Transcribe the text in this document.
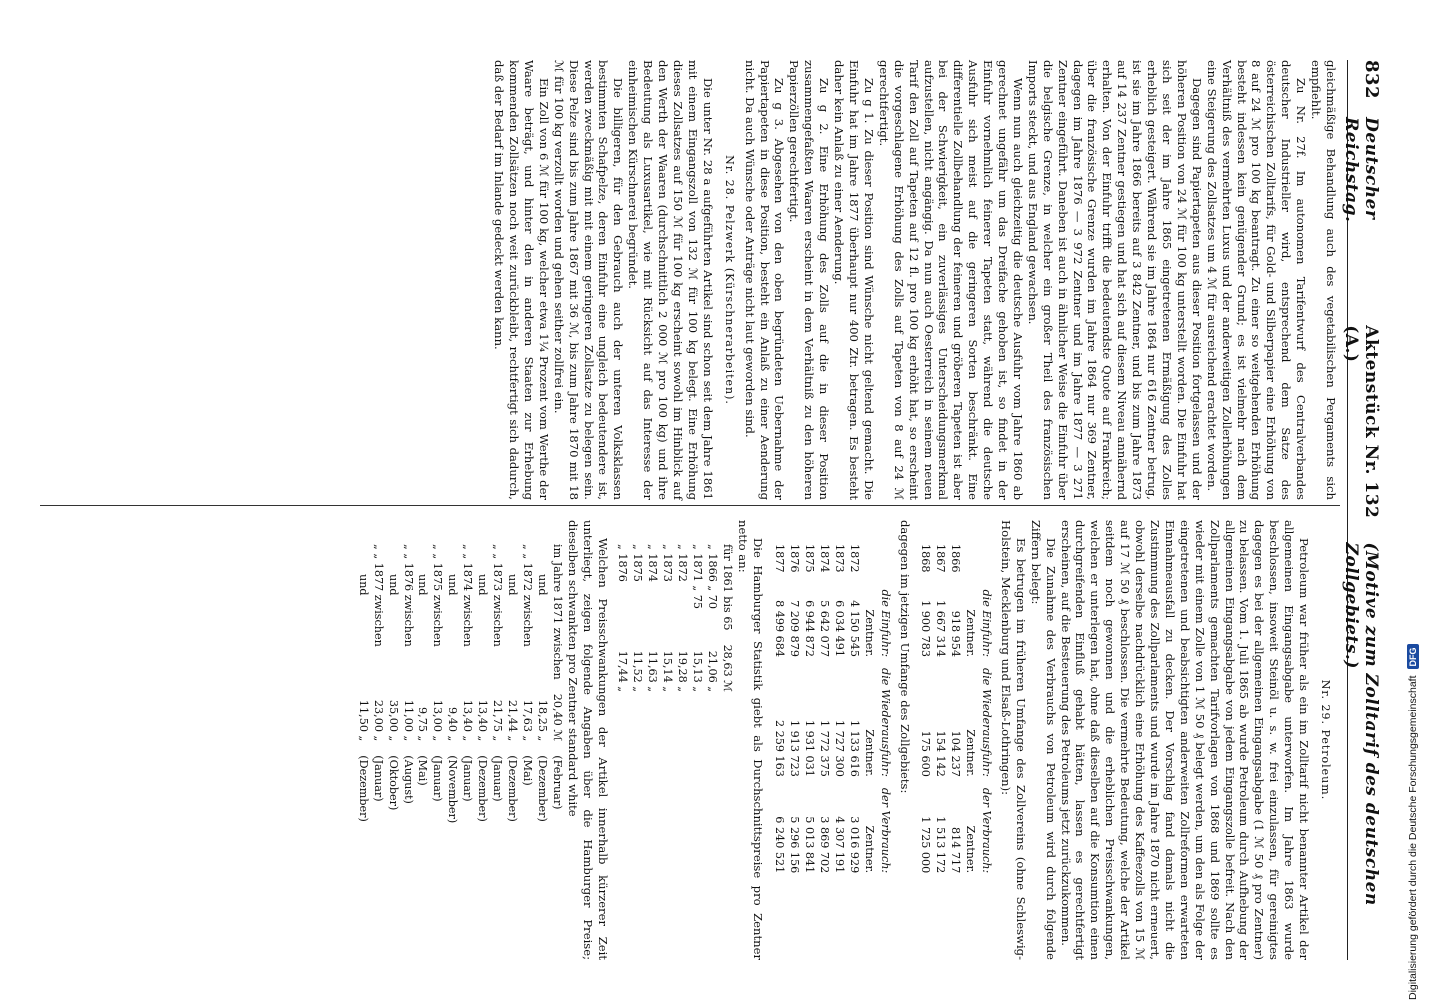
832
Deutscher Reichstag.
Aktenstück Nr. 132 (A.)
(Motive zum Zolltarif des deutschen Zollgebiets.)

gleichmäßige Behandlung auch des vegetabilischen Pergaments sich empfiehlt.

Zu Nr. 27f. Im autonomen Tarifentwurf des Centralverbandes deutscher Industrieller wird, entsprechend dem Satze des österreichischen Zolltarifs, für Gold- und Silberpapier eine Erhöhung von 8 auf 24 ℳ pro 100 kg beantragt. Zu einer so weitgehenden Erhöhung besteht indessen kein genügender Grund; es ist vielmehr nach dem Verhältniß des vermehrten Luxus und der anderweitigen Zollerhöhungen eine Steigerung des Zollsatzes um 4 ℳ für ausreichend erachtet worden.

Dagegen sind Papiertapeten aus dieser Position fortgelassen und der höheren Position von 24 ℳ für 100 kg unterstellt worden. Die Einfuhr hat sich seit der im Jahre 1865 eingetretenen Ermäßigung des Zolles erheblich gesteigert. Während sie im Jahre 1864 nur 616 Zentner betrug, ist sie im Jahre 1866 bereits auf 3 842 Zentner, und bis zum Jahre 1873 auf 14 237 Zentner gestiegen und hat sich auf diesem Niveau annähernd erhalten. Von der Einfuhr trifft die bedeutendste Quote auf Frankreich; über die französische Grenze wurden im Jahre 1864 nur 369 Zentner, dagegen im Jahre 1876 — 3 972 Zentner und im Jahre 1877 — 3 271 Zentner eingeführt. Daneben ist auch in ähnlicher Weise die Einfuhr über die belgische Grenze, in welcher ein großer Theil des französischen Imports steckt, und aus England gewachsen.

Wenn nun auch gleichzeitig die deutsche Ausfuhr vom Jahre 1860 ab gerechnet ungefähr um das Dreifache gehoben ist, so findet in der Einfuhr vornehmlich feinerer Tapeten statt, während die deutsche Ausfuhr sich meist auf die geringeren Sorten beschränkt. Eine differentielle Zollbehandlung der feineren und gröberen Tapeten ist aber bei der Schwierigkeit, ein zuverlässiges Unterscheidungsmerkmal aufzustellen, nicht angängig. Da nun auch Oesterreich in seinem neuen Tarif den Zoll auf Tapeten auf 12 fl. pro 100 kg erhöht hat, so erscheint die vorgeschlagene Erhöhung des Zolls auf Tapeten von 8 auf 24 ℳ gerechtfertigt.

Zu g 1. Zu dieser Position sind Wünsche nicht geltend gemacht. Die Einfuhr hat im Jahre 1877 überhaupt nur 400 Ztr. betragen. Es besteht daher kein Anlaß zu einer Aenderung.

Zu g 2. Eine Erhöhung des Zolls auf die in dieser Position zusammengefaßten Waaren erscheint in dem Verhältniß zu den höheren Papierzöllen gerechtfertigt.

Zu g 3. Abgesehen von den oben begründeten Uebernahme der Papiertapeten in diese Position, besteht ein Anlaß zu einer Aenderung nicht. Da auch Wünsche oder Anträge nicht laut geworden sind.

Nr. 28. Pelzwerk (Kürschnerarbeiten).

Die unter Nr. 28 a aufgeführten Artikel sind schon seit dem Jahre 1861 mit einem Eingangszoll von 132 ℳ für 100 kg belegt. Eine Erhöhung dieses Zollsatzes auf 150 ℳ für 100 kg erscheint sowohl im Hinblick auf den Werth der Waaren (durchschnittlich 2 000 ℳ pro 100 kg) und ihre Bedeutung als Luxusartikel, wie mit Rücksicht auf das Interesse der einheimischen Kürschnerei begründet.

Die billigeren, für den Gebrauch auch der unteren Volksklassen bestimmten Schafpelze, deren Einfuhr eine ungleich bedeutendere ist, werden zweckmäßig mit mit einem geringeren Zollsatze zu belegen sein. Diese Pelze sind bis zum Jahre 1867 mit 36 ℳ, bis zum Jahre 1870 mit 18 ℳ für 100 kg verzollt worden und gehen seither zollfrei ein.

Ein Zoll von 6 ℳ für 100 kg, welcher etwa 1¼ Prozent vom Werthe der Waare beträgt, und hinter den in anderen Staaten zur Erhebung kommenden Zollsätzen noch weit zurückbleibt, rechtfertigt sich dadurch, daß der Bedarf im Inlande gedeckt werden kann.

Nr. 29. Petroleum.

Petroleum war früher als ein im Zolltarif nicht benannter Artikel der allgemeinen Eingangsabgabe unterworfen. Im Jahre 1863 wurde beschlossen, insoweit Steinöl u. s. w. frei einzulassen, für gereinigtes dagegen es bei der allgemeinen Eingangsabgabe (1 ℳ 50 ₰ pro Zentner) zu belassen. Vom 1. Juli 1865 ab wurde Petroleum durch Aufhebung der allgemeinen Eingangsabgabe von jedem Eingangszolle befreit. Nach den Zollparlaments gemachten Tarifvorlagen von 1868 und 1869 sollte es wieder mit einem Zolle von 1 ℳ 50 ₰ belegt werden, um den als Folge der eingetretenen und beabsichtigten anderweiten Zollreformen erwarteten Einnahmeausfall zu decken. Der Vorschlag fand damals nicht die Zustimmung des Zollparlaments und wurde im Jahre 1870 nicht erneuert, obwohl derselbe nachdrücklich eine Erhöhung des Kaffeezolls von 15 ℳ auf 17 ℳ 50 ₰ beschlossen. Die vermehrte Bedeutung, welche der Artikel seitdem noch gewonnen und die erheblichen Preisschwankungen, welchen er unterlegen hat, ohne daß dieselben auf die Konsumtion einen durchgreifenden Einfluß gehabt hätten, lassen es gerechtfertigt erscheinen, auf die Besteuerung des Petroleums jetzt zurückzukommen.

Die Zunahme des Verbrauchs von Petroleum wird durch folgende Ziffern belegt:

Es betrugen im früheren Umfange des Zollvereins (ohne Schleswig-Holstein, Mecklenburg und Elsaß-Lothringen):

	die Einfuhr:	die Wiederausfuhr:	der Verbrauch:
	Zentner.	Zentner.	Zentner.
1866	918 954	104 237	814 717
1867	1 667 314	154 142	1 513 172
1868	1 900 783	175 600	1 725 000

dagegen im jetzigen Umfange des Zollgebiets:

	die Einfuhr:	die Wiederausfuhr:	der Verbrauch:
	Zentner.	Zentner.	Zentner.
1872	4 150 545	1 133 616	3 016 929
1873	6 034 491	1 727 300	4 307 191
1874	5 642 077	1 772 375	3 869 702
1875	6 944 872	1 931 031	5 013 841
1876	7 209 879	1 913 723	5 296 156
1877	8 499 684	2 259 163	6 240 521

Die Hamburger Statistik giebt als Durchschnittspreise pro Zentner netto an:

für 1861 bis 65	28,63 ℳ
„ 1866 „ 70	21,06 „
„ 1871 „ 75	15,13 „
„ 1872	19,28 „
„ 1873	15,14 „
„ 1874	11,63 „
„ 1875	11,52 „
„ 1876	17,44 „

Welchen Preisschwankungen der Artikel innerhalb kürzerer Zeit unterliegt, zeigen folgende Angaben über die Hamburger Preise; dieselben schwankten pro Zentner standard white

im Jahre 1871 zwischen	20,40 ℳ	(Februar)
und	18,25 „	(Dezember)
„ „ 1872 zwischen	17,63 „	(Mai)
und	21,44 „	(Dezember)
„ „ 1873 zwischen	21,75 „	(Januar)
und	13,40 „	(Dezember)
„ „ 1874 zwischen	13,40 „	(Januar)
und	9,40 „	(November)
„ „ 1875 zwischen	13,00 „	(Januar)
und	9,75 „	(Mai)
„ „ 1876 zwischen	11,00 „	(August)
und	35,00 „	(Oktober)
„ „ 1877 zwischen	23,00 „	(Januar)
und	11,50 „	(Dezember)	Digitalisierung gefördert durch die Deutsche Forschungsgemeinschaft
DFG
